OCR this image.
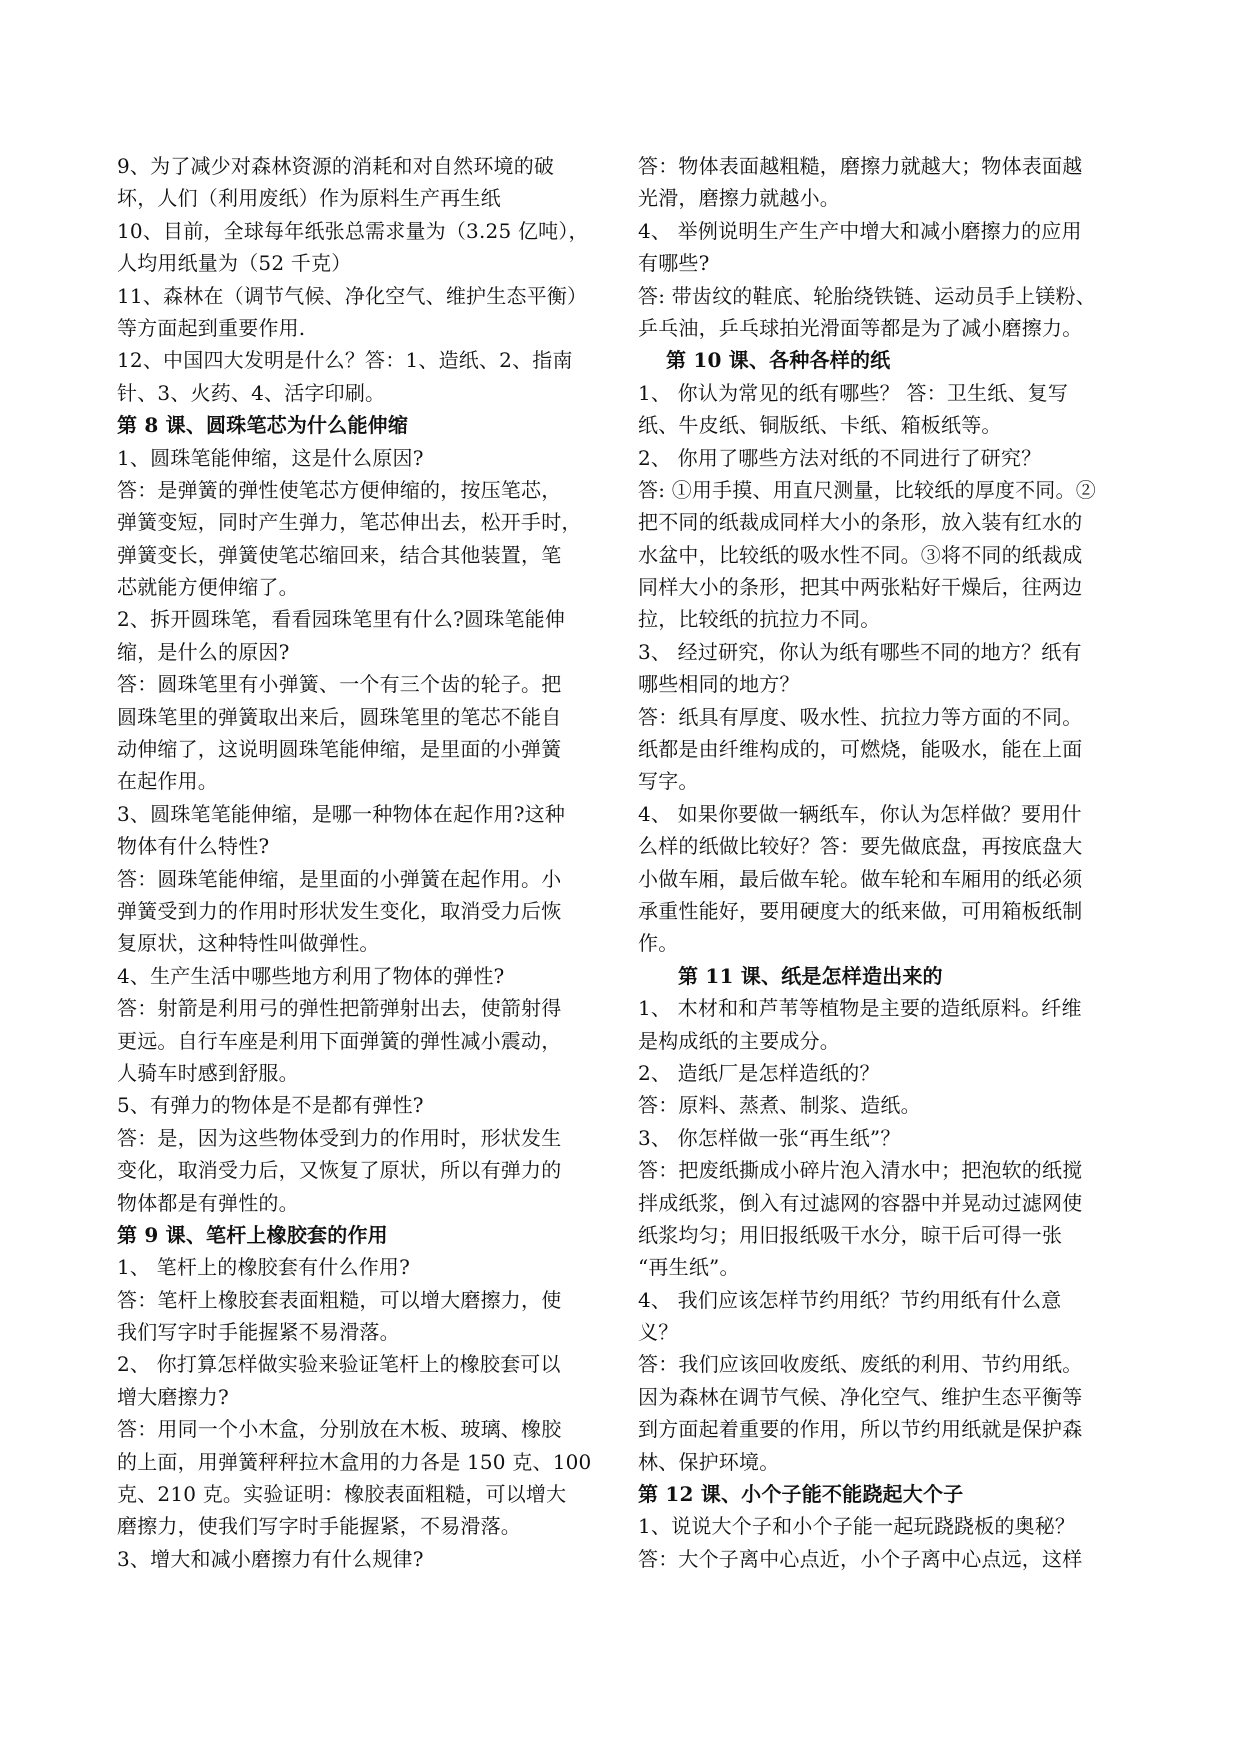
9、为了减少对森林资源的消耗和对自然环境的破
坏，人们（利用废纸）作为原料生产再生纸
10、目前，全球每年纸张总需求量为（3.25 亿吨），
人均用纸量为（52 千克）
11、森林在（调节气候、净化空气、维护生态平衡）
等方面起到重要作用.
12、中国四大发明是什么？答：1、造纸、2、指南
针、3、火药、4、活字印刷。
第 8 课、圆珠笔芯为什么能伸缩
1、圆珠笔能伸缩，这是什么原因?
答：是弹簧的弹性使笔芯方便伸缩的，按压笔芯，
弹簧变短，同时产生弹力，笔芯伸出去，松开手时，
弹簧变长，弹簧使笔芯缩回来，结合其他装置，笔
芯就能方便伸缩了。
2、拆开圆珠笔，看看园珠笔里有什么?圆珠笔能伸
缩，是什么的原因?
答：圆珠笔里有小弹簧、一个有三个齿的轮子。把
圆珠笔里的弹簧取出来后，圆珠笔里的笔芯不能自
动伸缩了，这说明圆珠笔能伸缩，是里面的小弹簧
在起作用。
3、圆珠笔笔能伸缩，是哪一种物体在起作用?这种
物体有什么特性?
答：圆珠笔能伸缩，是里面的小弹簧在起作用。小
弹簧受到力的作用时形状发生变化，取消受力后恢
复原状，这种特性叫做弹性。
4、生产生活中哪些地方利用了物体的弹性?
答：射箭是利用弓的弹性把箭弹射出去，使箭射得
更远。自行车座是利用下面弹簧的弹性减小震动，
人骑车时感到舒服。
5、有弹力的物体是不是都有弹性?
答：是，因为这些物体受到力的作用时，形状发生
变化，取消受力后，又恢复了原状，所以有弹力的
物体都是有弹性的。
第 9 课、笔杆上橡胶套的作用
1、 笔杆上的橡胶套有什么作用?
答：笔杆上橡胶套表面粗糙，可以增大磨擦力，使
我们写字时手能握紧不易滑落。
2、 你打算怎样做实验来验证笔杆上的橡胶套可以
增大磨擦力?
答：用同一个小木盒，分别放在木板、玻璃、橡胶
的上面，用弹簧秤秤拉木盒用的力各是 150 克、100
克、210 克。实验证明：橡胶表面粗糙，可以增大
磨擦力，使我们写字时手能握紧，不易滑落。
3、增大和减小磨擦力有什么规律?
答：物体表面越粗糙，磨擦力就越大；物体表面越
光滑，磨擦力就越小。
4、 举例说明生产生产中增大和减小磨擦力的应用
有哪些?
答: 带齿纹的鞋底、轮胎绕铁链、运动员手上镁粉、
乒乓油，乒乓球拍光滑面等都是为了减小磨擦力。
第 10 课、各种各样的纸
1、 你认为常见的纸有哪些？ 答：卫生纸、复写
纸、牛皮纸、铜版纸、卡纸、箱板纸等。
2、 你用了哪些方法对纸的不同进行了研究？
答: ①用手摸、用直尺测量，比较纸的厚度不同。②
把不同的纸裁成同样大小的条形，放入装有红水的
水盆中，比较纸的吸水性不同。③将不同的纸裁成
同样大小的条形，把其中两张粘好干燥后，往两边
拉，比较纸的抗拉力不同。
3、 经过研究，你认为纸有哪些不同的地方？纸有
哪些相同的地方？
答：纸具有厚度、吸水性、抗拉力等方面的不同。
纸都是由纤维构成的，可燃烧，能吸水，能在上面
写字。
4、 如果你要做一辆纸车，你认为怎样做？要用什
么样的纸做比较好？答：要先做底盘，再按底盘大
小做车厢，最后做车轮。做车轮和车厢用的纸必须
承重性能好，要用硬度大的纸来做，可用箱板纸制
作。
第 11 课、纸是怎样造出来的
1、 木材和和芦苇等植物是主要的造纸原料。纤维
是构成纸的主要成分。
2、 造纸厂是怎样造纸的？
答：原料、蒸煮、制浆、造纸。
3、 你怎样做一张“再生纸”？
答：把废纸撕成小碎片泡入清水中；把泡软的纸搅
拌成纸浆，倒入有过滤网的容器中并晃动过滤网使
纸浆均匀；用旧报纸吸干水分，晾干后可得一张
“再生纸”。
4、 我们应该怎样节约用纸？节约用纸有什么意
义？
答：我们应该回收废纸、废纸的利用、节约用纸。
因为森林在调节气候、净化空气、维护生态平衡等
到方面起着重要的作用，所以节约用纸就是保护森
林、保护环境。
第 12 课、小个子能不能跷起大个子
1、说说大个子和小个子能一起玩跷跷板的奥秘？
答：大个子离中心点近，小个子离中心点远，这样
